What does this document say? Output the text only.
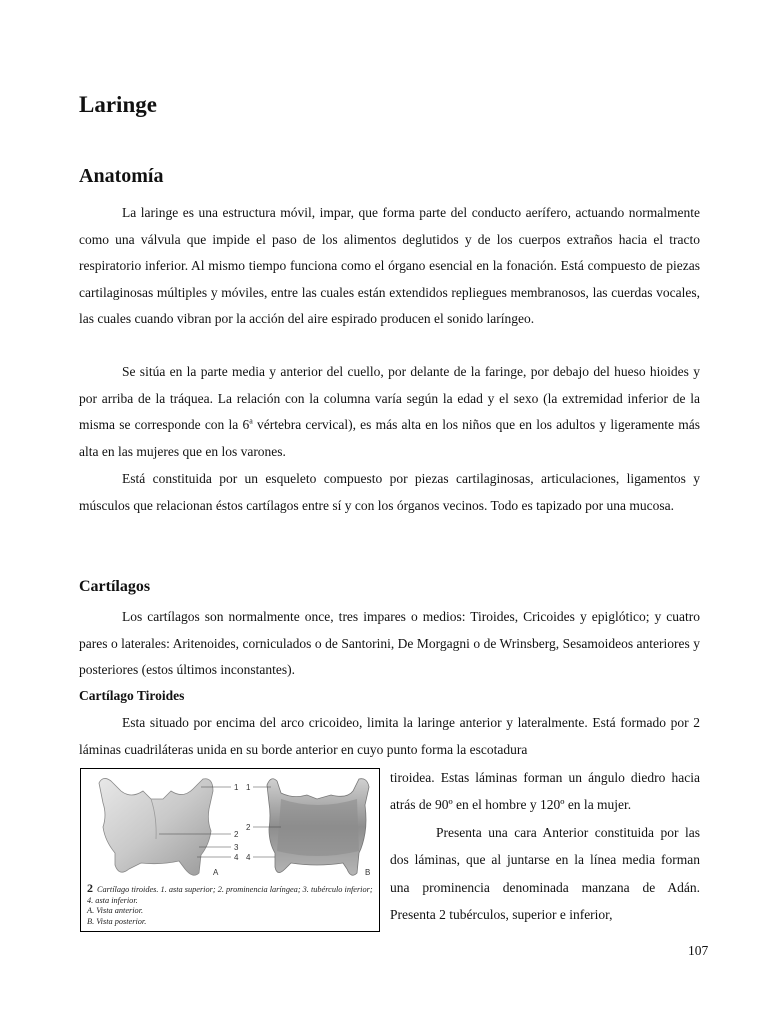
Laringe
Anatomía

La laringe es una estructura móvil, impar, que forma parte del conducto aerífero, actuando normalmente como una válvula que impide el paso de los alimentos deglutidos y de los cuerpos extraños hacia el tracto respiratorio inferior. Al mismo tiempo funciona como el órgano esencial en la fonación. Está compuesto de piezas cartilaginosas múltiples y móviles, entre las cuales están extendidos repliegues membranosos, las cuerdas vocales, las cuales cuando vibran por la acción del aire espirado producen el sonido laríngeo.

Se sitúa en la parte media y anterior del cuello, por delante de la faringe, por debajo del hueso hioides y por arriba de la tráquea. La relación con la columna varía según la edad y el sexo (la extremidad inferior de la misma se corresponde con la 6$^a$ vértebra cervical), es más alta en los niños que en los adultos y ligeramente más alta en las mujeres que en los varones.

Está constituida por un esqueleto compuesto por piezas cartilaginosas, articulaciones, ligamentos y músculos que relacionan éstos cartílagos entre sí y con los órganos vecinos. Todo es tapizado por una mucosa.

Cartílagos

Los cartílagos son normalmente once, tres impares o medios: Tiroides, Cricoides y epiglótico; y cuatro pares o laterales: Aritenoides, corniculados o de Santorini, De Morgagni o de Wrinsberg, Sesamoideos anteriores y posteriores (estos últimos inconstantes).

Cartílago Tiroides

Esta situado por encima del arco cricoideo, limita la laringe anterior y lateralmente. Está formado por 2 láminas cuadriláteras unida en su borde anterior en cuyo punto forma la escotadura

1
2
3
4
A
1
2
4
B
2 Cartílago tiroides. 1. asta superior; 2. prominencia laríngea; 3. tubérculo inferior; 4. asta inferior.
A. Vista anterior.
B. Vista posterior.

tiroidea. Estas láminas forman un ángulo diedro hacia atrás de 90º en el hombre y 120º en la mujer.
Presenta una cara Anterior constituida por las dos láminas, que al juntarse en la línea media forman una prominencia denominada manzana de Adán. Presenta 2 tubérculos, superior e inferior,

107
